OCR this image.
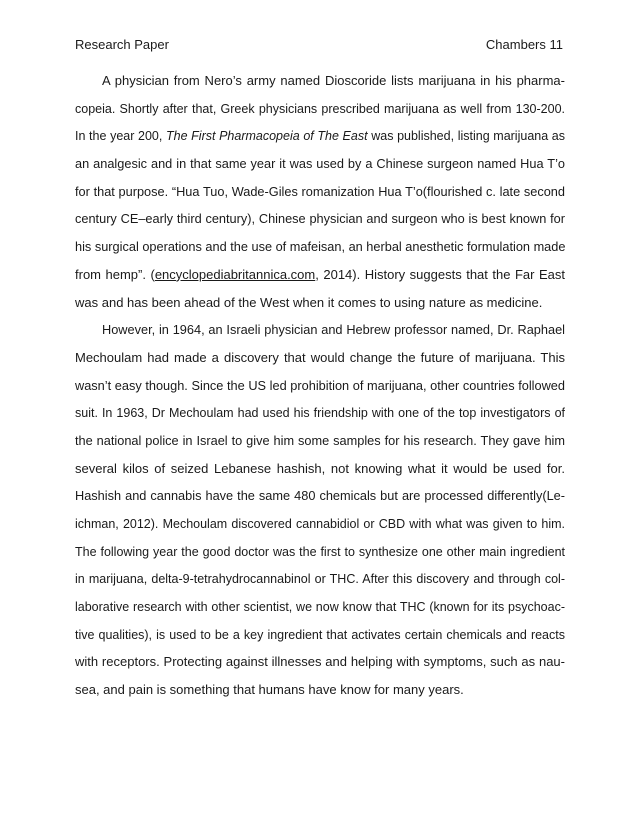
Research Paper	Chambers 11
A physician from Nero’s army named Dioscoride lists marijuana in his pharma-
copeia. Shortly after that, Greek physicians prescribed marijuana as well from 130-200.
In the year 200, The First Pharmacopeia of The East was published, listing marijuana as
an analgesic and in that same year it was used by a Chinese surgeon named Hua T’o
for that purpose. “Hua Tuo, Wade-Giles romanization Hua T’o(flourished c. late second
century CE–early third century), Chinese physician and surgeon who is best known for
his surgical operations and the use of mafeisan, an herbal anesthetic formulation made
from hemp”. (encyclopediabritannica.com, 2014). History suggests that the Far East
was and has been ahead of the West when it comes to using nature as medicine.
However, in 1964, an Israeli physician and Hebrew professor named, Dr. Raphael
Mechoulam had made a discovery that would change the future of marijuana. This
wasn’t easy though. Since the US led prohibition of marijuana, other countries followed
suit. In 1963, Dr Mechoulam had used his friendship with one of the top investigators of
the national police in Israel to give him some samples for his research. They gave him
several kilos of seized Lebanese hashish, not knowing what it would be used for.
Hashish and cannabis have the same 480 chemicals but are processed differently(Le-
ichman, 2012). Mechoulam discovered cannabidiol or CBD with what was given to him.
The following year the good doctor was the first to synthesize one other main ingredient
in marijuana, delta-9-tetrahydrocannabinol or THC. After this discovery and through col-
laborative research with other scientist, we now know that THC (known for its psychoac-
tive qualities), is used to be a key ingredient that activates certain chemicals and reacts
with receptors. Protecting against illnesses and helping with symptoms, such as nau-
sea, and pain is something that humans have know for many years.
